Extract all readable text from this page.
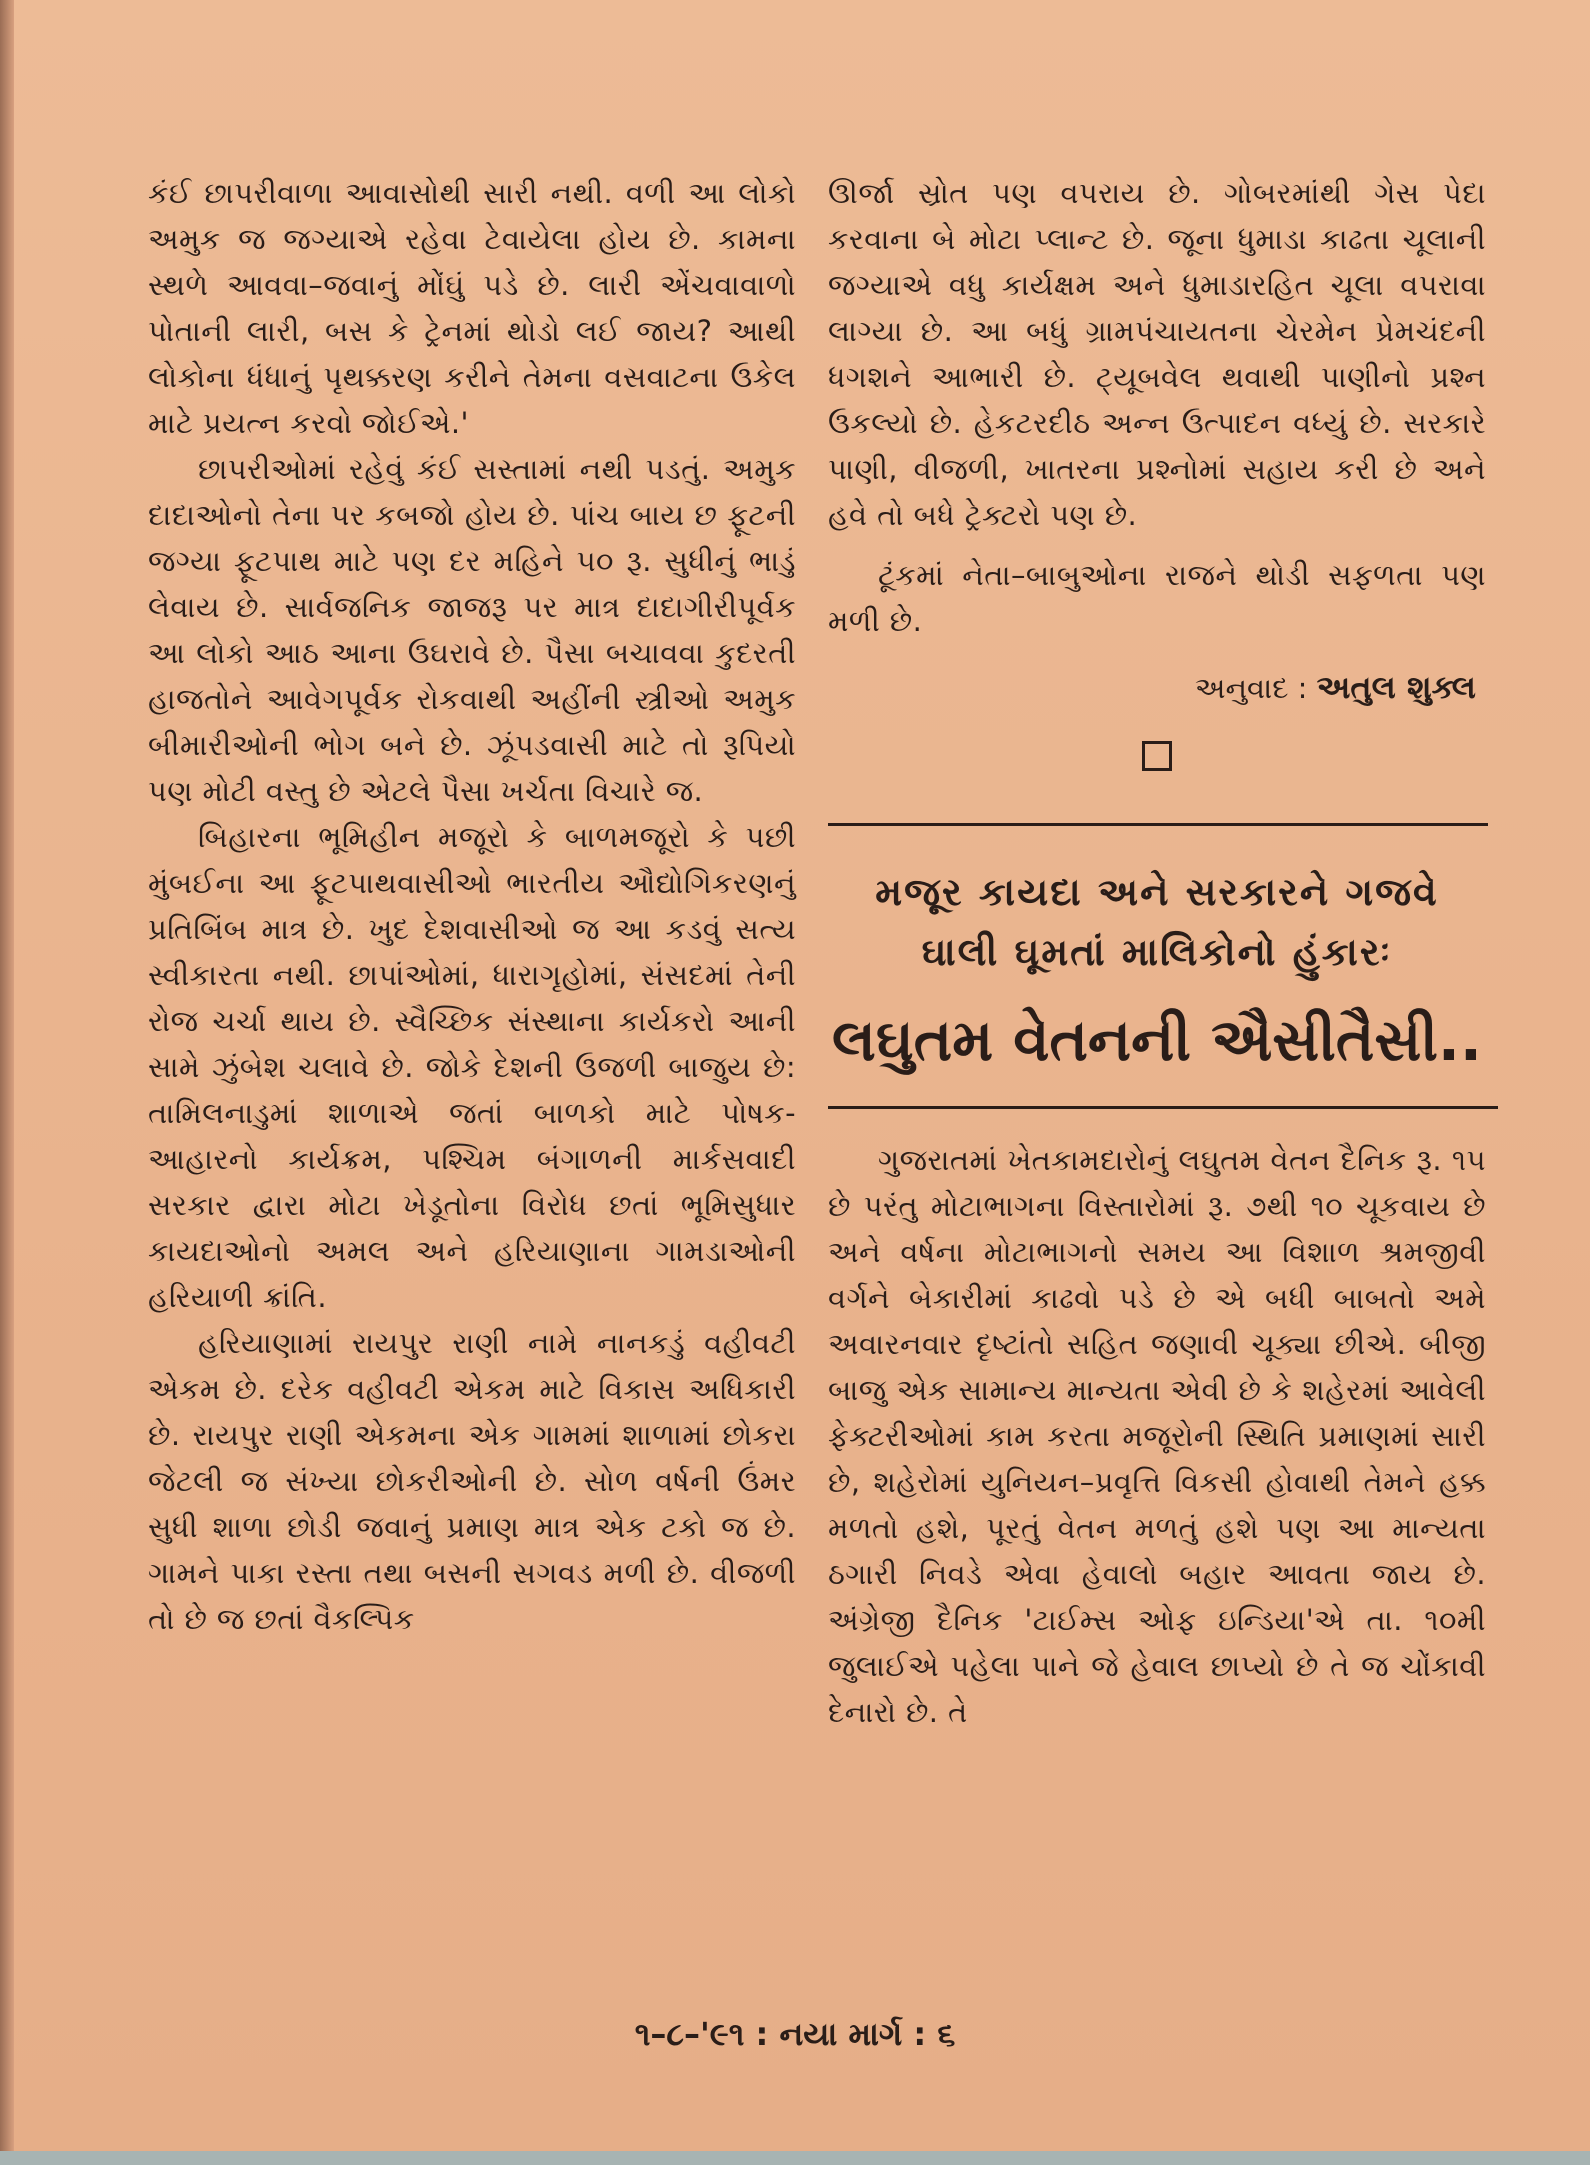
કંઈ છાપરીવાળા આવાસોથી સારી નથી. વળી આ લોકો અમુક જ જગ્યાએ રહેવા ટેવાયેલા હોય છે. કામના સ્થળે આવવા–જવાનું મોંઘું પડે છે. લારી એંચવાવાળો પોતાની લારી, બસ કે ટ્રેનમાં થોડો લઈ જાય? આથી લોકોના ધંધાનું પૃથક્કરણ કરીને તેમના વસવાટના ઉકેલ માટે પ્રયત્ન કરવો જોઈએ.'

છાપરીઓમાં રહેવું કંઈ સસ્તામાં નથી પડતું. અમુક દાદાઓનો તેના પર કબજો હોય છે. પાંચ બાય છ ફૂટની જગ્યા ફૂટપાથ માટે પણ દર મહિને ૫૦ રૂ. સુધીનું ભાડું લેવાય છે. સાર્વજનિક જાજરૂ પર માત્ર દાદાગીરીપૂર્વક આ લોકો આઠ આના ઉઘરાવે છે. પૈસા બચાવવા કુદરતી હાજતોને આવેગપૂર્વક રોકવાથી અહીંની સ્ત્રીઓ અમુક બીમારીઓની ભોગ બને છે. ઝૂંપડવાસી માટે તો રૂપિયો પણ મોટી વસ્તુ છે એટલે પૈસા ખર્ચતા વિચારે જ.

બિહારના ભૂમિહીન મજૂરો કે બાળમજૂરો કે પછી મુંબઈના આ ફૂટપાથવાસીઓ ભારતીય ઔદ્યોગિકરણનું પ્રતિબિંબ માત્ર છે. ખુદ દેશવાસીઓ જ આ કડવું સત્ય સ્વીકારતા નથી. છાપાંઓમાં, ધારાગૃહોમાં, સંસદમાં તેની રોજ ચર્ચા થાય છે. સ્વૈચ્છિક સંસ્થાના કાર્યકરો આની સામે ઝુંબેશ ચલાવે છે. જોકે દેશની ઉજળી બાજુય છે: તામિલનાડુમાં શાળાએ જતાં બાળકો માટે પોષક-આહારનો કાર્યક્રમ, પશ્ચિમ બંગાળની માર્કસવાદી સરકાર દ્વારા મોટા ખેડૂતોના વિરોધ છતાં ભૂમિસુધાર કાયદાઓનો અમલ અને હરિયાણાના ગામડાઓની હરિયાળી ક્રાંતિ.

હરિયાણામાં રાયપુર રાણી નામે નાનકડું વહીવટી એકમ છે. દરેક વહીવટી એકમ માટે વિકાસ અધિકારી છે. રાયપુર રાણી એકમના એક ગામમાં શાળામાં છોકરા જેટલી જ સંખ્યા છોકરીઓની છે. સોળ વર્ષની ઉંમર સુધી શાળા છોડી જવાનું પ્રમાણ માત્ર એક ટકો જ છે. ગામને પાકા રસ્તા તથા બસની સગવડ મળી છે. વીજળી તો છે જ છતાં વૈકલ્પિક

ઊર્જા સ્રોત પણ વપરાય છે. ગોબરમાંથી ગેસ પેદા કરવાના બે મોટા પ્લાન્ટ છે. જૂના ધુમાડા કાઢતા ચૂલાની જગ્યાએ વધુ કાર્યક્ષમ અને ધુમાડારહિત ચૂલા વપરાવા લાગ્યા છે. આ બધું ગ્રામપંચાયતના ચેરમેન પ્રેમચંદની ધગશને આભારી છે. ટ્યૂબવેલ થવાથી પાણીનો પ્રશ્ન ઉકલ્યો છે. હેકટરદીઠ અન્ન ઉત્પાદન વધ્યું છે. સરકારે પાણી, વીજળી, ખાતરના પ્રશ્નોમાં સહાય કરી છે અને હવે તો બધે ટ્રેક્ટરો પણ છે.

ટૂંકમાં નેતા–બાબુઓના રાજને થોડી સફળતા પણ મળી છે.

અનુવાદ : અતુલ શુક્લ
મજૂર કાયદા અને સરકારને ગજવે
ઘાલી ઘૂમતાં માલિકોનો હુંકારઃ
લઘુતમ વેતનની ઐસીતૈસી..

ગુજરાતમાં ખેતકામદારોનું લઘુતમ વેતન દૈનિક રૂ. ૧૫ છે પરંતુ મોટાભાગના વિસ્તારોમાં રૂ. ૭થી ૧૦ ચૂકવાય છે અને વર્ષના મોટાભાગનો સમય આ વિશાળ શ્રમજીવી વર્ગને બેકારીમાં કાઢવો પડે છે એ બધી બાબતો અમે અવારનવાર દૃષ્ટાંતો સહિત જણાવી ચૂક્યા છીએ. બીજી બાજુ એક સામાન્ય માન્યતા એવી છે કે શહેરમાં આવેલી ફેક્ટરીઓમાં કામ કરતા મજૂરોની સ્થિતિ પ્રમાણમાં સારી છે, શહેરોમાં યુનિયન–પ્રવૃત્તિ વિકસી હોવાથી તેમને હક્ક મળતો હશે, પૂરતું વેતન મળતું હશે પણ આ માન્યતા ઠગારી નિવડે એવા હેવાલો બહાર આવતા જાય છે. અંગ્રેજી દૈનિક 'ટાઈમ્સ ઓફ ઇન્ડિયા'એ તા. ૧૦મી જુલાઈએ પહેલા પાને જે હેવાલ છાપ્યો છે તે જ ચોંકાવી દેનારો છે. તે

૧–૮–'૯૧ : નયા માર્ગ : ૬
